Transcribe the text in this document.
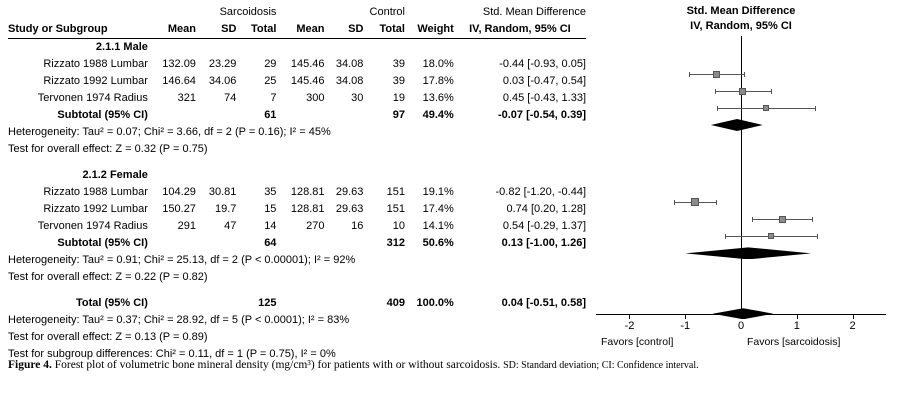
	Sarcoidosis			Control				Std. Mean Difference
Study or Subgroup	Mean	SD	Total	Mean	SD	Total	Weight	IV, Random, 95% CI
2.1.1 Male								
Rizzato 1988 Lumbar	132.09	23.29	29	145.46	34.08	39	18.0%	-0.44 [-0.93, 0.05]
Rizzato 1992 Lumbar	146.64	34.06	25	145.46	34.08	39	17.8%	0.03 [-0.47, 0.54]
Tervonen 1974 Radius	321	74	7	300	30	19	13.6%	0.45 [-0.43, 1.33]
Subtotal (95% CI)			61			97	49.4%	-0.07 [-0.54, 0.39]
Heterogeneity: Tau² = 0.07; Chi² = 3.66, df = 2 (P = 0.16); I² = 45%								
Test for overall effect: Z = 0.32 (P = 0.75)								

2.1.2 Female								
Rizzato 1988 Lumbar	104.29	30.81	35	128.81	29.63	151	19.1%	-0.82 [-1.20, -0.44]
Rizzato 1992 Lumbar	150.27	19.7	15	128.81	29.63	151	17.4%	0.74 [0.20, 1.28]
Tervonen 1974 Radius	291	47	14	270	16	10	14.1%	0.54 [-0.29, 1.37]
Subtotal (95% CI)			64			312	50.6%	0.13 [-1.00, 1.26]
Heterogeneity: Tau² = 0.91; Chi² = 25.13, df = 2 (P < 0.00001); I² = 92%								
Test for overall effect: Z = 0.22 (P = 0.82)								

Total (95% CI)			125			409	100.0%	0.04 [-0.51, 0.58]
Heterogeneity: Tau² = 0.37; Chi² = 28.92, df = 5 (P < 0.0001); I² = 83%								
Test for overall effect: Z = 0.13 (P = 0.89)								
Test for subgroup differences: Chi² = 0.11, df = 1 (P = 0.75), I² = 0%								
Std. Mean Difference
IV, Random, 95% CI
-2	-1	0	1	2
Favors [control]	Favors [sarcoidosis]
Figure 4. Forest plot of volumetric bone mineral density (mg/cm³) for patients with or without sarcoidosis. SD: Standard deviation; CI: Confidence interval.
